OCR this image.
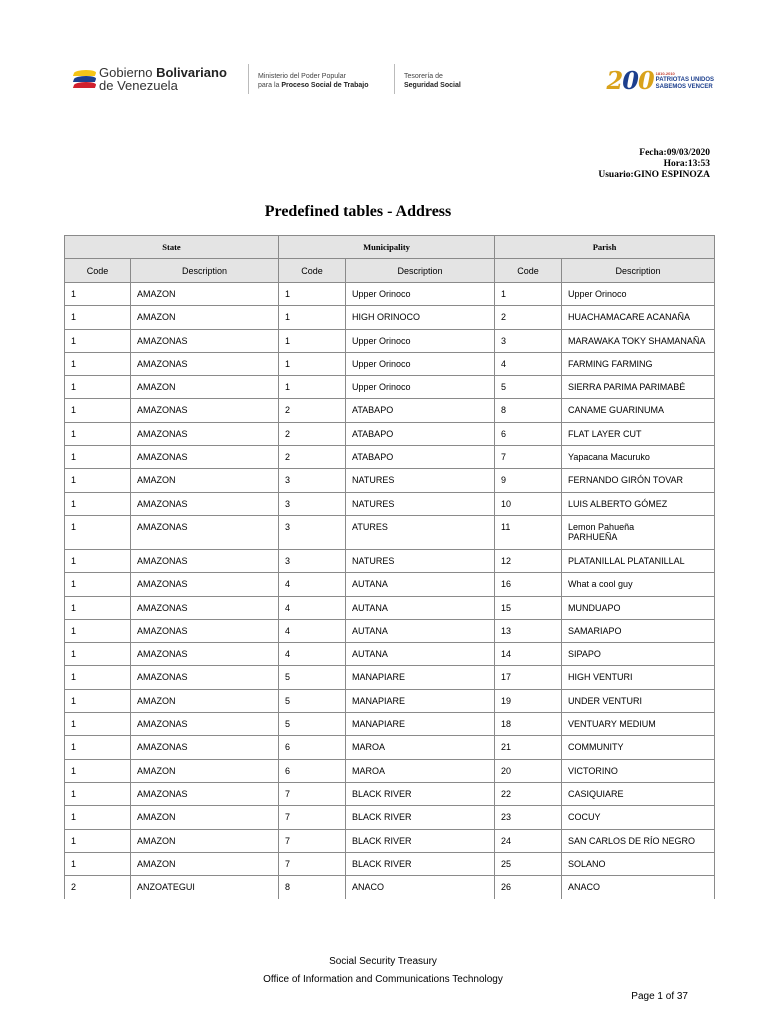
Gobierno Bolivariano
de Venezuela
Ministerio del Poder Popular
para la Proceso Social de Trabajo
Tesorería de
Seguridad Social	200 1810-2010
PATRIOTAS UNIDOS
SABEMOS VENCER
Fecha:09/03/2020
Hora:13:53
Usuario:GINO ESPINOZA
Predefined tables - Address
State		Municipality		Parish	
Code	Description	Code	Description	Code	Description
1	AMAZON	1	Upper Orinoco	1	Upper Orinoco
1	AMAZON	1	HIGH ORINOCO	2	HUACHAMACARE ACANAÑA
1	AMAZONAS	1	Upper Orinoco	3	MARAWAKA TOKY SHAMANAÑA
1	AMAZONAS	1	Upper Orinoco	4	FARMING FARMING
1	AMAZON	1	Upper Orinoco	5	SIERRA PARIMA PARIMABÉ
1	AMAZONAS	2	ATABAPO	8	CANAME GUARINUMA
1	AMAZONAS	2	ATABAPO	6	FLAT LAYER CUT
1	AMAZONAS	2	ATABAPO	7	Yapacana Macuruko
1	AMAZON	3	NATURES	9	FERNANDO GIRÓN TOVAR
1	AMAZONAS	3	NATURES	10	LUIS ALBERTO GÓMEZ
1	AMAZONAS	3	ATURES	11	Lemon Pahueña
PARHUEÑA
1	AMAZONAS	3	NATURES	12	PLATANILLAL PLATANILLAL
1	AMAZONAS	4	AUTANA	16	What a cool guy
1	AMAZONAS	4	AUTANA	15	MUNDUAPO
1	AMAZONAS	4	AUTANA	13	SAMARIAPO
1	AMAZONAS	4	AUTANA	14	SIPAPO
1	AMAZONAS	5	MANAPIARE	17	HIGH VENTURI
1	AMAZON	5	MANAPIARE	19	UNDER VENTURI
1	AMAZONAS	5	MANAPIARE	18	VENTUARY MEDIUM
1	AMAZONAS	6	MAROA	21	COMMUNITY
1	AMAZON	6	MAROA	20	VICTORINO
1	AMAZONAS	7	BLACK RIVER	22	CASIQUIARE
1	AMAZON	7	BLACK RIVER	23	COCUY
1	AMAZON	7	BLACK RIVER	24	SAN CARLOS DE RÍO NEGRO
1	AMAZON	7	BLACK RIVER	25	SOLANO
2	ANZOATEGUI	8	ANACO	26	ANACO
Social Security Treasury
Office of Information and Communications Technology
Page 1 of 37
